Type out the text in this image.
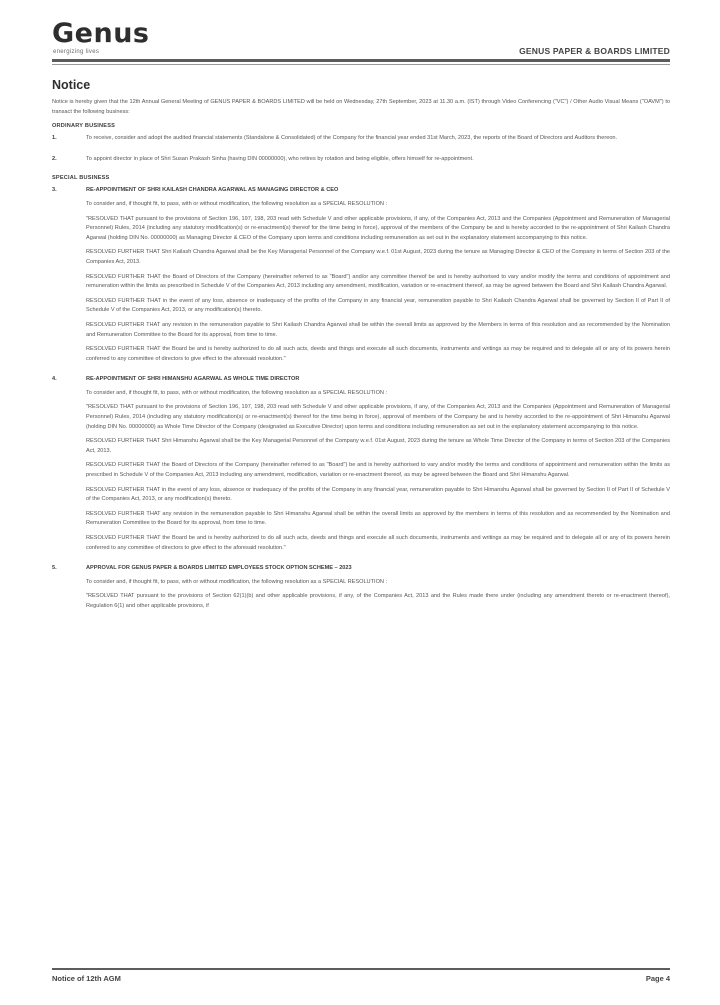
Genus
energizing lives	GENUS PAPER & BOARDS LIMITED
Notice

Notice is hereby given that the 12th Annual General Meeting of GENUS PAPER & BOARDS LIMITED will be held on Wednesday, 27th September, 2023 at 11.30 a.m. (IST) through Video Conferencing ("VC") / Other Audio Visual Means ("OAVM") to transact the following business:

ORDINARY BUSINESS
1.	To receive, consider and adopt the audited financial statements (Standalone & Consolidated) of the Company for the financial year ended 31st March, 2023, the reports of the Board of Directors and Auditors thereon.
2.	To appoint director in place of Shri Susan Prakash Sinha (having DIN 00000000), who retires by rotation and being eligible, offers himself for re-appointment.
SPECIAL BUSINESS
3.	RE-APPOINTMENT OF SHRI KAILASH CHANDRA AGARWAL AS MANAGING DIRECTOR & CEO

To consider and, if thought fit, to pass, with or without modification, the following resolution as a SPECIAL RESOLUTION :

"RESOLVED THAT pursuant to the provisions of Section 196, 197, 198, 203 read with Schedule V and other applicable provisions, if any, of the Companies Act, 2013 and the Companies (Appointment and Remuneration of Managerial Personnel) Rules, 2014 (including any statutory modification(s) or re-enactment(s) thereof for the time being in force), approval of the members of the Company be and is hereby accorded to the re-appointment of Shri Kailash Chandra Agarwal (holding DIN No. 00000000) as Managing Director & CEO of the Company upon terms and conditions including remuneration as set out in the explanatory statement accompanying to this notice.

RESOLVED FURTHER THAT Shri Kailash Chandra Agarwal shall be the Key Managerial Personnel of the Company w.e.f. 01st August, 2023 during the tenure as Managing Director & CEO of the Company in terms of Section 203 of the Companies Act, 2013.

RESOLVED FURTHER THAT the Board of Directors of the Company (hereinafter referred to as "Board") and/or any committee thereof be and is hereby authorised to vary and/or modify the terms and conditions of appointment and remuneration within the limits as prescribed in Schedule V of the Companies Act, 2013 including any amendment, modification, variation or re-enactment thereof, as may be agreed between the Board and Shri Kailash Chandra Agarwal.

RESOLVED FURTHER THAT in the event of any loss, absence or inadequacy of the profits of the Company in any financial year, remuneration payable to Shri Kailash Chandra Agarwal shall be governed by Section II of Part II of Schedule V of the Companies Act, 2013, or any modification(s) thereto.

RESOLVED FURTHER THAT any revision in the remuneration payable to Shri Kailash Chandra Agarwal shall be within the overall limits as approved by the Members in terms of this resolution and as recommended by the Nomination and Remuneration Committee to the Board for its approval, from time to time.

RESOLVED FURTHER THAT the Board be and is hereby authorized to do all such acts, deeds and things and execute all such documents, instruments and writings as may be required and to delegate all or any of its powers herein conferred to any committee of directors to give effect to the aforesaid resolution."

4.	RE-APPOINTMENT OF SHRI HIMANSHU AGARWAL AS WHOLE TIME DIRECTOR

To consider and, if thought fit, to pass, with or without modification, the following resolution as a SPECIAL RESOLUTION :

"RESOLVED THAT pursuant to the provisions of Section 196, 197, 198, 203 read with Schedule V and other applicable provisions, if any, of the Companies Act, 2013 and the Companies (Appointment and Remuneration of Managerial Personnel) Rules, 2014 (including any statutory modification(s) or re-enactment(s) thereof for the time being in force), approval of members of the Company be and is hereby accorded to the re-appointment of Shri Himanshu Agarwal (holding DIN No. 00000000) as Whole Time Director of the Company (designated as Executive Director) upon terms and conditions including remuneration as set out in the explanatory statement accompanying to this notice.

RESOLVED FURTHER THAT Shri Himanshu Agarwal shall be the Key Managerial Personnel of the Company w.e.f. 01st August, 2023 during the tenure as Whole Time Director of the Company in terms of Section 203 of the Companies Act, 2013.

RESOLVED FURTHER THAT the Board of Directors of the Company (hereinafter referred to as "Board") be and is hereby authorised to vary and/or modify the terms and conditions of appointment and remuneration within the limits as prescribed in Schedule V of the Companies Act, 2013 including any amendment, modification, variation or re-enactment thereof, as may be agreed between the Board and Shri Himanshu Agarwal.

RESOLVED FURTHER THAT in the event of any loss, absence or inadequacy of the profits of the Company in any financial year, remuneration payable to Shri Himanshu Agarwal shall be governed by Section II of Part II of Schedule V of the Companies Act, 2013, or any modification(s) thereto.

RESOLVED FURTHER THAT any revision in the remuneration payable to Shri Himanshu Agarwal shall be within the overall limits as approved by the members in terms of this resolution and as recommended by the Nomination and Remuneration Committee to the Board for its approval, from time to time.

RESOLVED FURTHER THAT the Board be and is hereby authorized to do all such acts, deeds and things and execute all such documents, instruments and writings as may be required and to delegate all or any of its powers herein conferred to any committee of directors to give effect to the aforesaid resolution."

5.	APPROVAL FOR GENUS PAPER & BOARDS LIMITED EMPLOYEES STOCK OPTION SCHEME – 2023

To consider and, if thought fit, to pass, with or without modification, the following resolution as a SPECIAL RESOLUTION :

"RESOLVED THAT pursuant to the provisions of Section 62(1)(b) and other applicable provisions, if any, of the Companies Act, 2013 and the Rules made there under (including any amendment thereto or re-enactment thereof), Regulation 6(1) and other applicable provisions, if

Notice of 12th AGM	Page 4
